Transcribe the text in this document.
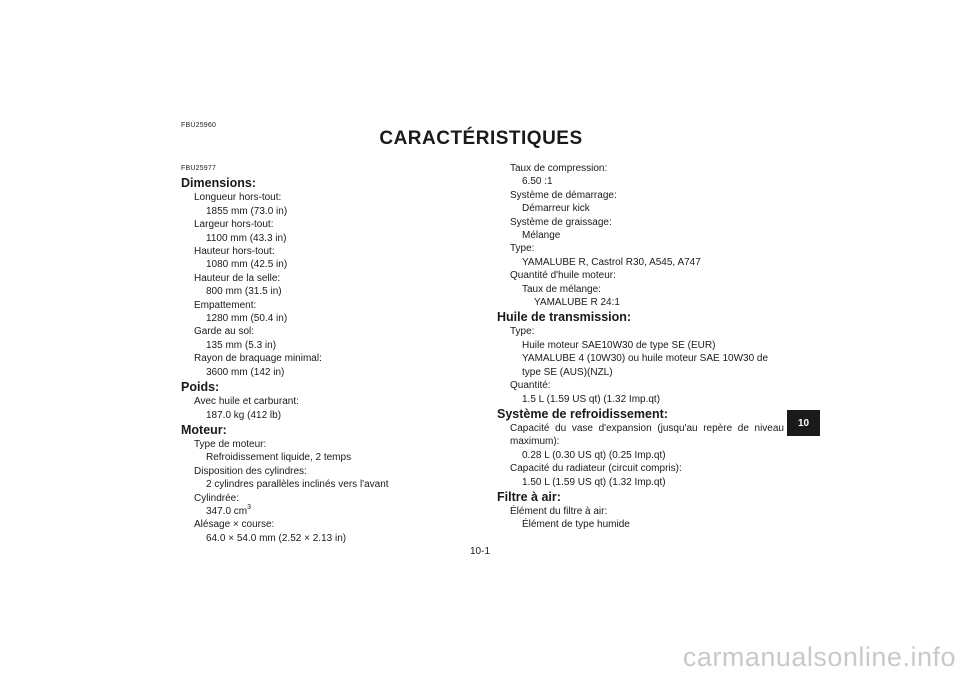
FBU25960
CARACTÉRISTIQUES
FBU25977
Dimensions:
Longueur hors-tout:
1855 mm (73.0 in)
Largeur hors-tout:
1100 mm (43.3 in)
Hauteur hors-tout:
1080 mm (42.5 in)
Hauteur de la selle:
800 mm (31.5 in)
Empattement:
1280 mm (50.4 in)
Garde au sol:
135 mm (5.3 in)
Rayon de braquage minimal:
3600 mm (142 in)
Poids:
Avec huile et carburant:
187.0 kg (412 lb)
Moteur:
Type de moteur:
Refroidissement liquide, 2 temps
Disposition des cylindres:
2 cylindres parallèles inclinés vers l'avant
Cylindrée:
347.0 $cm^3$
Alésage × course:
64.0 × 54.0 mm (2.52 × 2.13 in)
Taux de compression:
6.50 :1
Système de démarrage:
Démarreur kick
Système de graissage:
Mélange
Type:
YAMALUBE R, Castrol R30, A545, A747
Quantité d'huile moteur:
Taux de mélange:
YAMALUBE R 24:1
Huile de transmission:
Type:
Huile moteur SAE10W30 de type SE (EUR)
YAMALUBE 4 (10W30) ou huile moteur SAE 10W30 de type SE (AUS)(NZL)
Quantité:
1.5 L (1.59 US qt) (1.32 Imp.qt)
Système de refroidissement:
Capacité du vase d'expansion (jusqu'au repère de niveau maximum):
0.28 L (0.30 US qt) (0.25 Imp.qt)
Capacité du radiateur (circuit compris):
1.50 L (1.59 US qt) (1.32 Imp.qt)
Filtre à air:
Élément du filtre à air:
Élément de type humide
10
10-1
carmanualsonline.info
